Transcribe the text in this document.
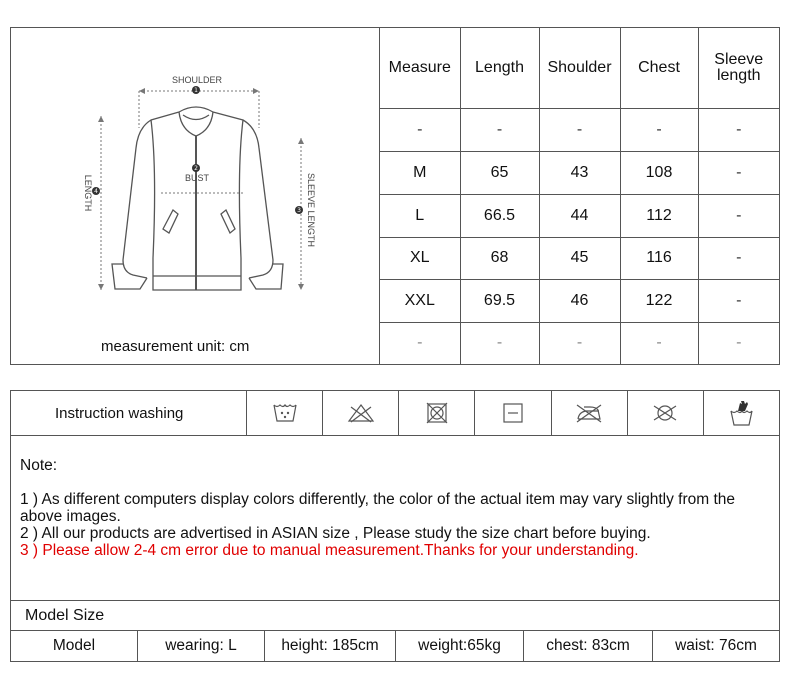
1
2
3
4
SHOULDER
BUST
LENGTH	SLEEVE LENGTH
measurement unit: cm
Measure	Length	Shoulder	Chest	Sleeve length
-	-	-	-	-
M	65	43	108	-
L	66.5	44	112	-
XL	68	45	116	-
XXL	69.5	46	122	-
-	-	-	-	-
Instruction washing
Note:
1 ) As different computers display colors differently, the color of the actual item may vary slightly from the above images.
2 ) All our products are advertised in ASIAN size , Please study the size chart before buying.
3 ) Please allow 2-4 cm error due to manual measurement.Thanks for your understanding.
Model Size
Model	wearing: L	height: 185cm	weight:65kg	chest: 83cm	waist: 76cm
